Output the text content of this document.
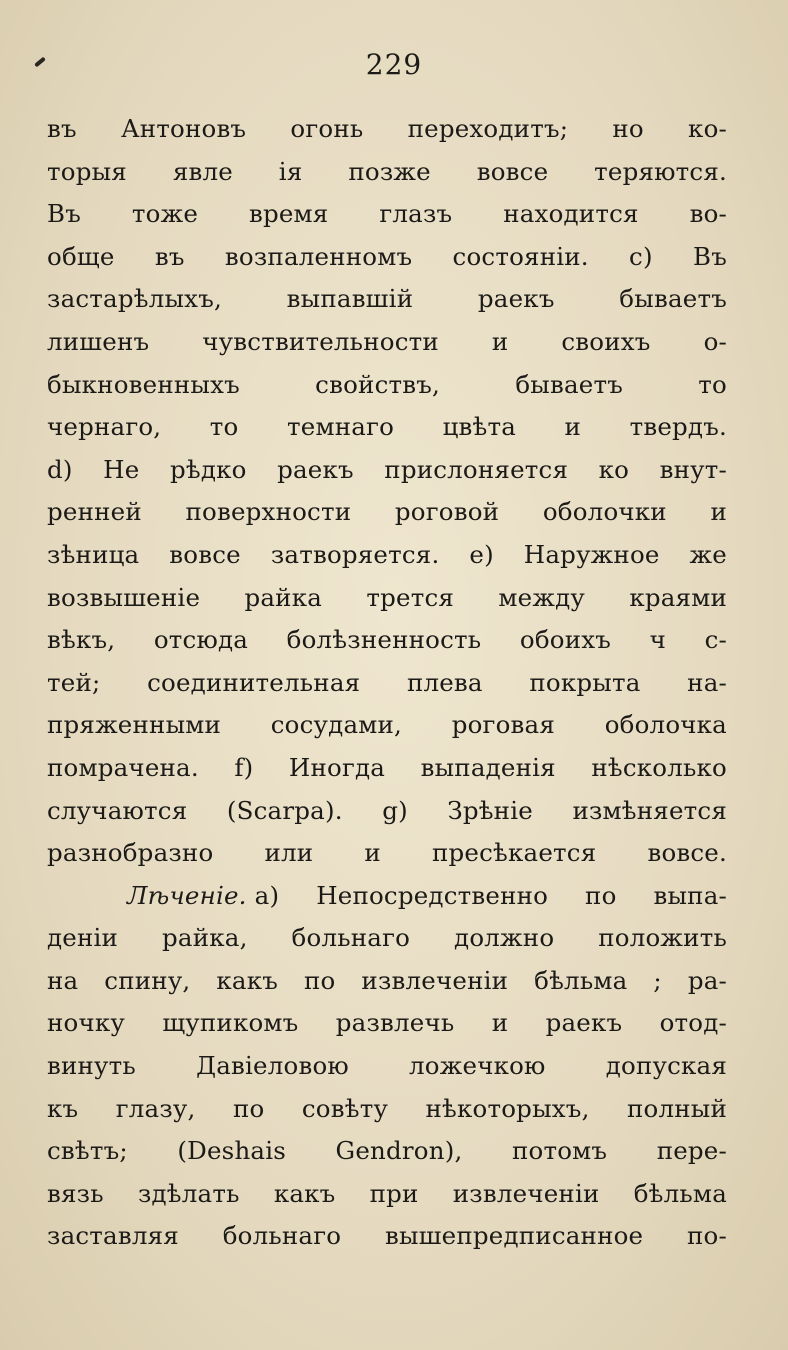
229
въ Антоновъ огонь переходитъ; но ко-
торыя явле ія позже вовсе теряются.
Въ тоже время глазъ находится во-
обще въ возпаленномъ состояніи. с) Въ
застарѣлыхъ, выпавшій раекъ бываетъ
лишенъ чувствительности и своихъ о-
быкновенныхъ свойствъ, бываетъ то
чернаго, то темнаго цвѣта и твердъ.
d) Не рѣдко раекъ прислоняется ко внут-
ренней поверхности роговой оболочки и
зѣница вовсе затворяется. е) Наружное же
возвышеніе райка трется между краями
вѣкъ, отсюда болѣзненность обоихъ ч с-
тей; соединительная плева покрыта на-
пряженными сосудами, роговая оболочка
помрачена. f) Иногда выпаденія нѣсколько
случаются (Scarpa). g) Зрѣніе измѣняется
разнобразно или и пресѣкается вовсе.
Лѣченіе. а) Непосредственно по выпа-
деніи райка, больнаго должно положить
на спину, какъ по извлеченіи бѣльма ; ра-
ночку щупикомъ развлечь и раекъ отод-
винуть Давіеловою ложечкою допуская
къ глазу, по совѣту нѣкоторыхъ, полный
свѣтъ; (Deshais Gendron), потомъ пере-
вязь здѣлать какъ при извлеченіи бѣльма
заставляя больнаго вышепредписанное по-
